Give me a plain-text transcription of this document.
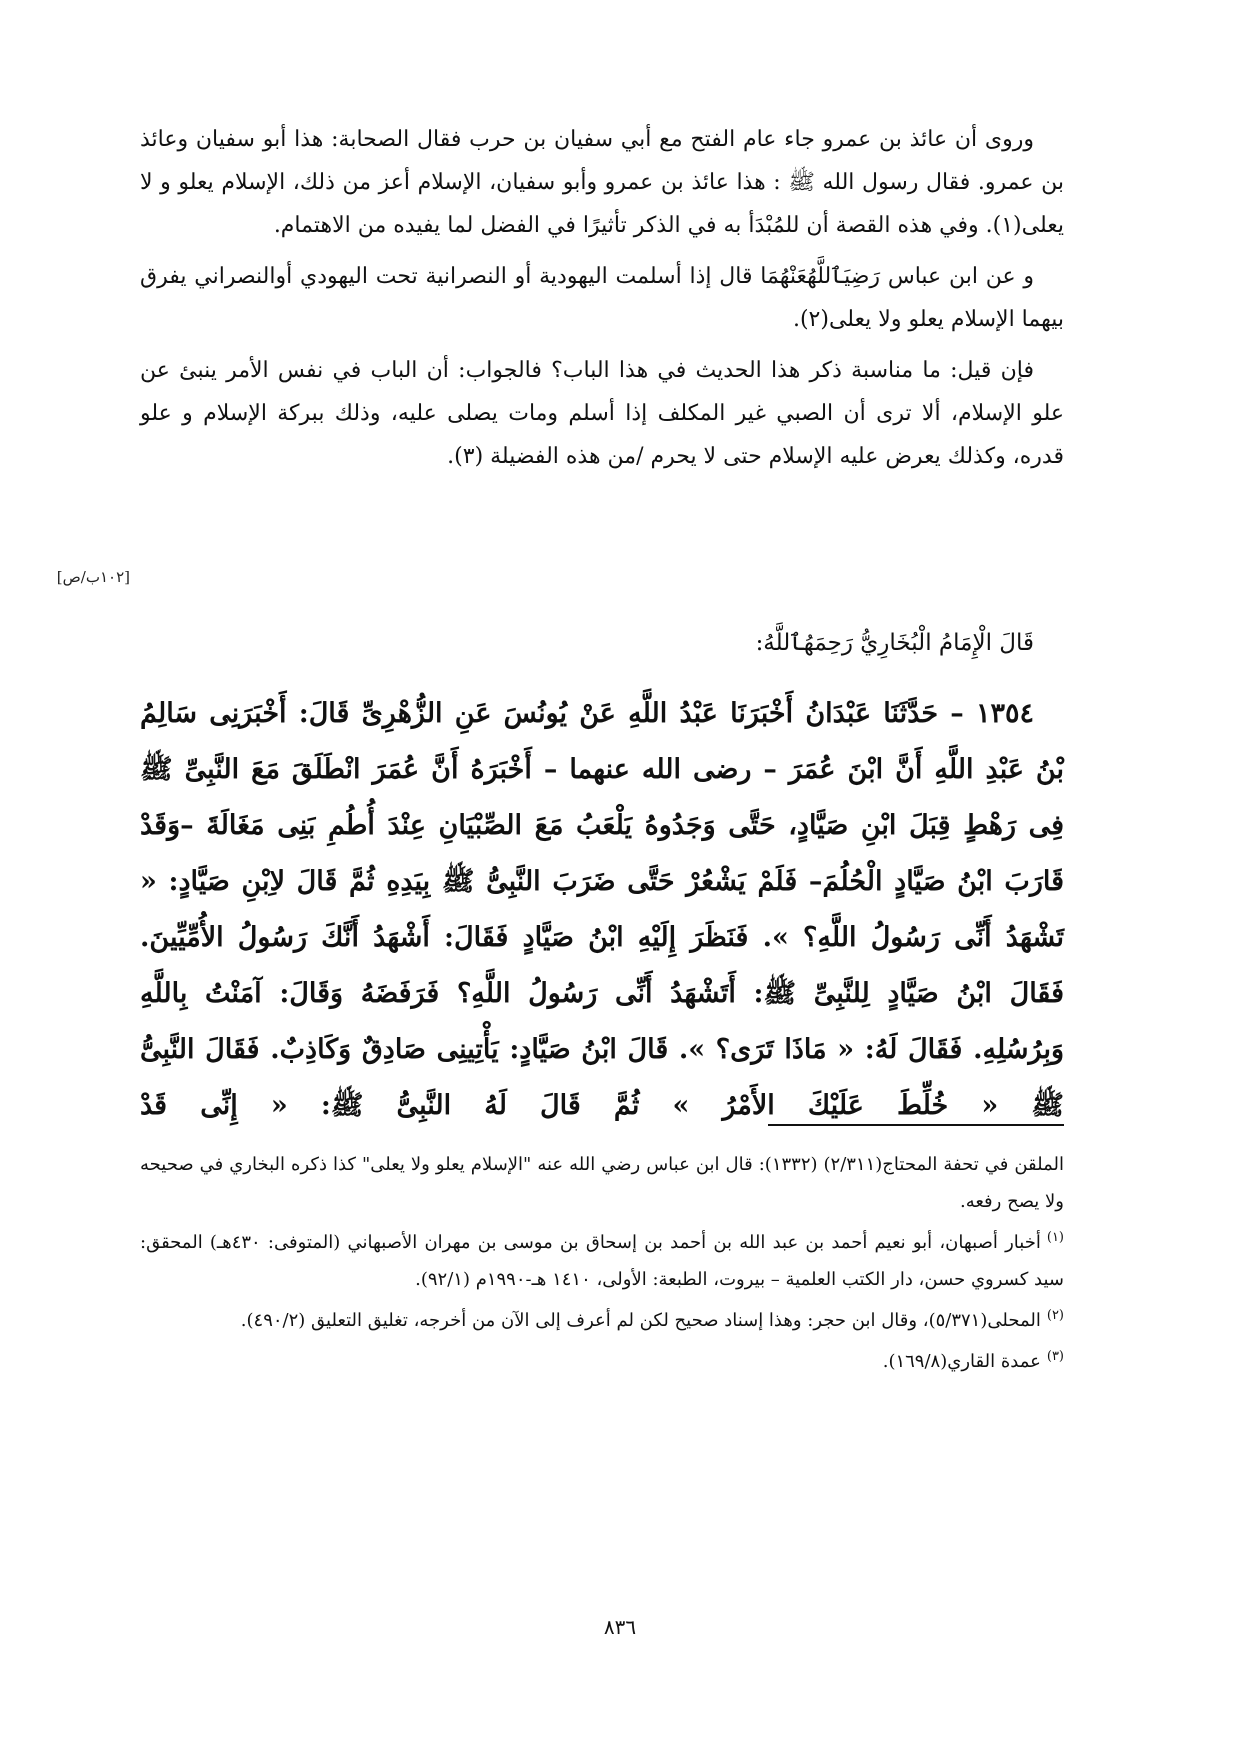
وروى أن عائذ بن عمرو جاء عام الفتح مع أبي سفيان بن حرب فقال الصحابة: هذا أبو سفيان وعائذ بن عمرو. فقال رسول الله ﷺ : هذا عائذ بن عمرو وأبو سفيان، الإسلام أعز من ذلك، الإسلام يعلو و لا يعلى(١). وفي هذه القصة أن للمُبْدَأ به في الذكر تأثيرًا في الفضل لما يفيده من الاهتمام.

و عن ابن عباس رَضِيَٱللَّهُعَنْهُمَا قال إذا أسلمت اليهودية أو النصرانية تحت اليهودي أوالنصراني يفرق بيهما الإسلام يعلو ولا يعلى(٢).

فإن قيل: ما مناسبة ذكر هذا الحديث في هذا الباب؟ فالجواب: أن الباب في نفس الأمر ينبئ عن علو الإسلام، ألا ترى أن الصبي غير المكلف إذا أسلم ومات يصلى عليه، وذلك ببركة الإسلام و علو قدره، وكذلك يعرض عليه الإسلام حتى لا يحرم /من هذه الفضيلة (٣).

[١٠٢ب/ص]
قَالَ الْإِمَامُ الْبُخَارِيُّ رَحِمَهُٱللَّهُ:

١٣٥٤ – حَدَّثَنَا عَبْدَانُ أَخْبَرَنَا عَبْدُ اللَّهِ عَنْ يُونُسَ عَنِ الزُّهْرِىِّ قَالَ: أَخْبَرَنِى سَالِمُ بْنُ عَبْدِ اللَّهِ أَنَّ ابْنَ عُمَرَ – رضى الله عنهما – أَخْبَرَهُ أَنَّ عُمَرَ انْطَلَقَ مَعَ النَّبِىِّ ﷺ فِى رَهْطٍ قِبَلَ ابْنِ صَيَّادٍ، حَتَّى وَجَدُوهُ يَلْعَبُ مَعَ الصِّبْيَانِ عِنْدَ أُطُمِ بَنِى مَغَالَةَ –وَقَدْ قَارَبَ ابْنُ صَيَّادٍ الْحُلُمَ– فَلَمْ يَشْعُرْ حَتَّى ضَرَبَ النَّبِىُّ ﷺ بِيَدِهِ ثُمَّ قَالَ لاِبْنِ صَيَّادٍ: « تَشْهَدُ أَنِّى رَسُولُ اللَّهِ؟ ». فَنَظَرَ إِلَيْهِ ابْنُ صَيَّادٍ فَقَالَ: أَشْهَدُ أَنَّكَ رَسُولُ الأُمِّيِّينَ. فَقَالَ ابْنُ صَيَّادٍ لِلنَّبِىِّ ﷺ: أَتَشْهَدُ أَنِّى رَسُولُ اللَّهِ؟ فَرَفَضَهُ وَقَالَ: آمَنْتُ بِاللَّهِ وَبِرُسُلِهِ. فَقَالَ لَهُ: « مَاذَا تَرَى؟ ». قَالَ ابْنُ صَيَّادٍ: يَأْتِينِى صَادِقٌ وَكَاذِبٌ. فَقَالَ النَّبِىُّ ﷺ « خُلِّطَ عَلَيْكَ الأَمْرُ » ثُمَّ قَالَ لَهُ النَّبِىُّ ﷺ: « إِنِّى قَدْ

الملقن في تحفة المحتاج(٢/٣١١) (١٣٣٢): قال ابن عباس رضي الله عنه "الإسلام يعلو ولا يعلى" كذا ذكره البخاري في صحيحه ولا يصح رفعه.

$^{(١)}$أخبار أصبهان، أبو نعيم أحمد بن عبد الله بن أحمد بن إسحاق بن موسى بن مهران الأصبهاني (المتوفى: ٤٣٠هـ) المحقق: سيد كسروي حسن، دار الكتب العلمية – بيروت، الطبعة: الأولى، ١٤١٠ هـ-١٩٩٠م (٩٢/١).

$^{(٢)}$المحلى(٥/٣٧١)، وقال ابن حجر: وهذا إسناد صحيح لكن لم أعرف إلى الآن من أخرجه، تغليق التعليق (٤٩٠/٢).

$^{(٣)}$عمدة القاري(١٦٩/٨).

٨٣٦
